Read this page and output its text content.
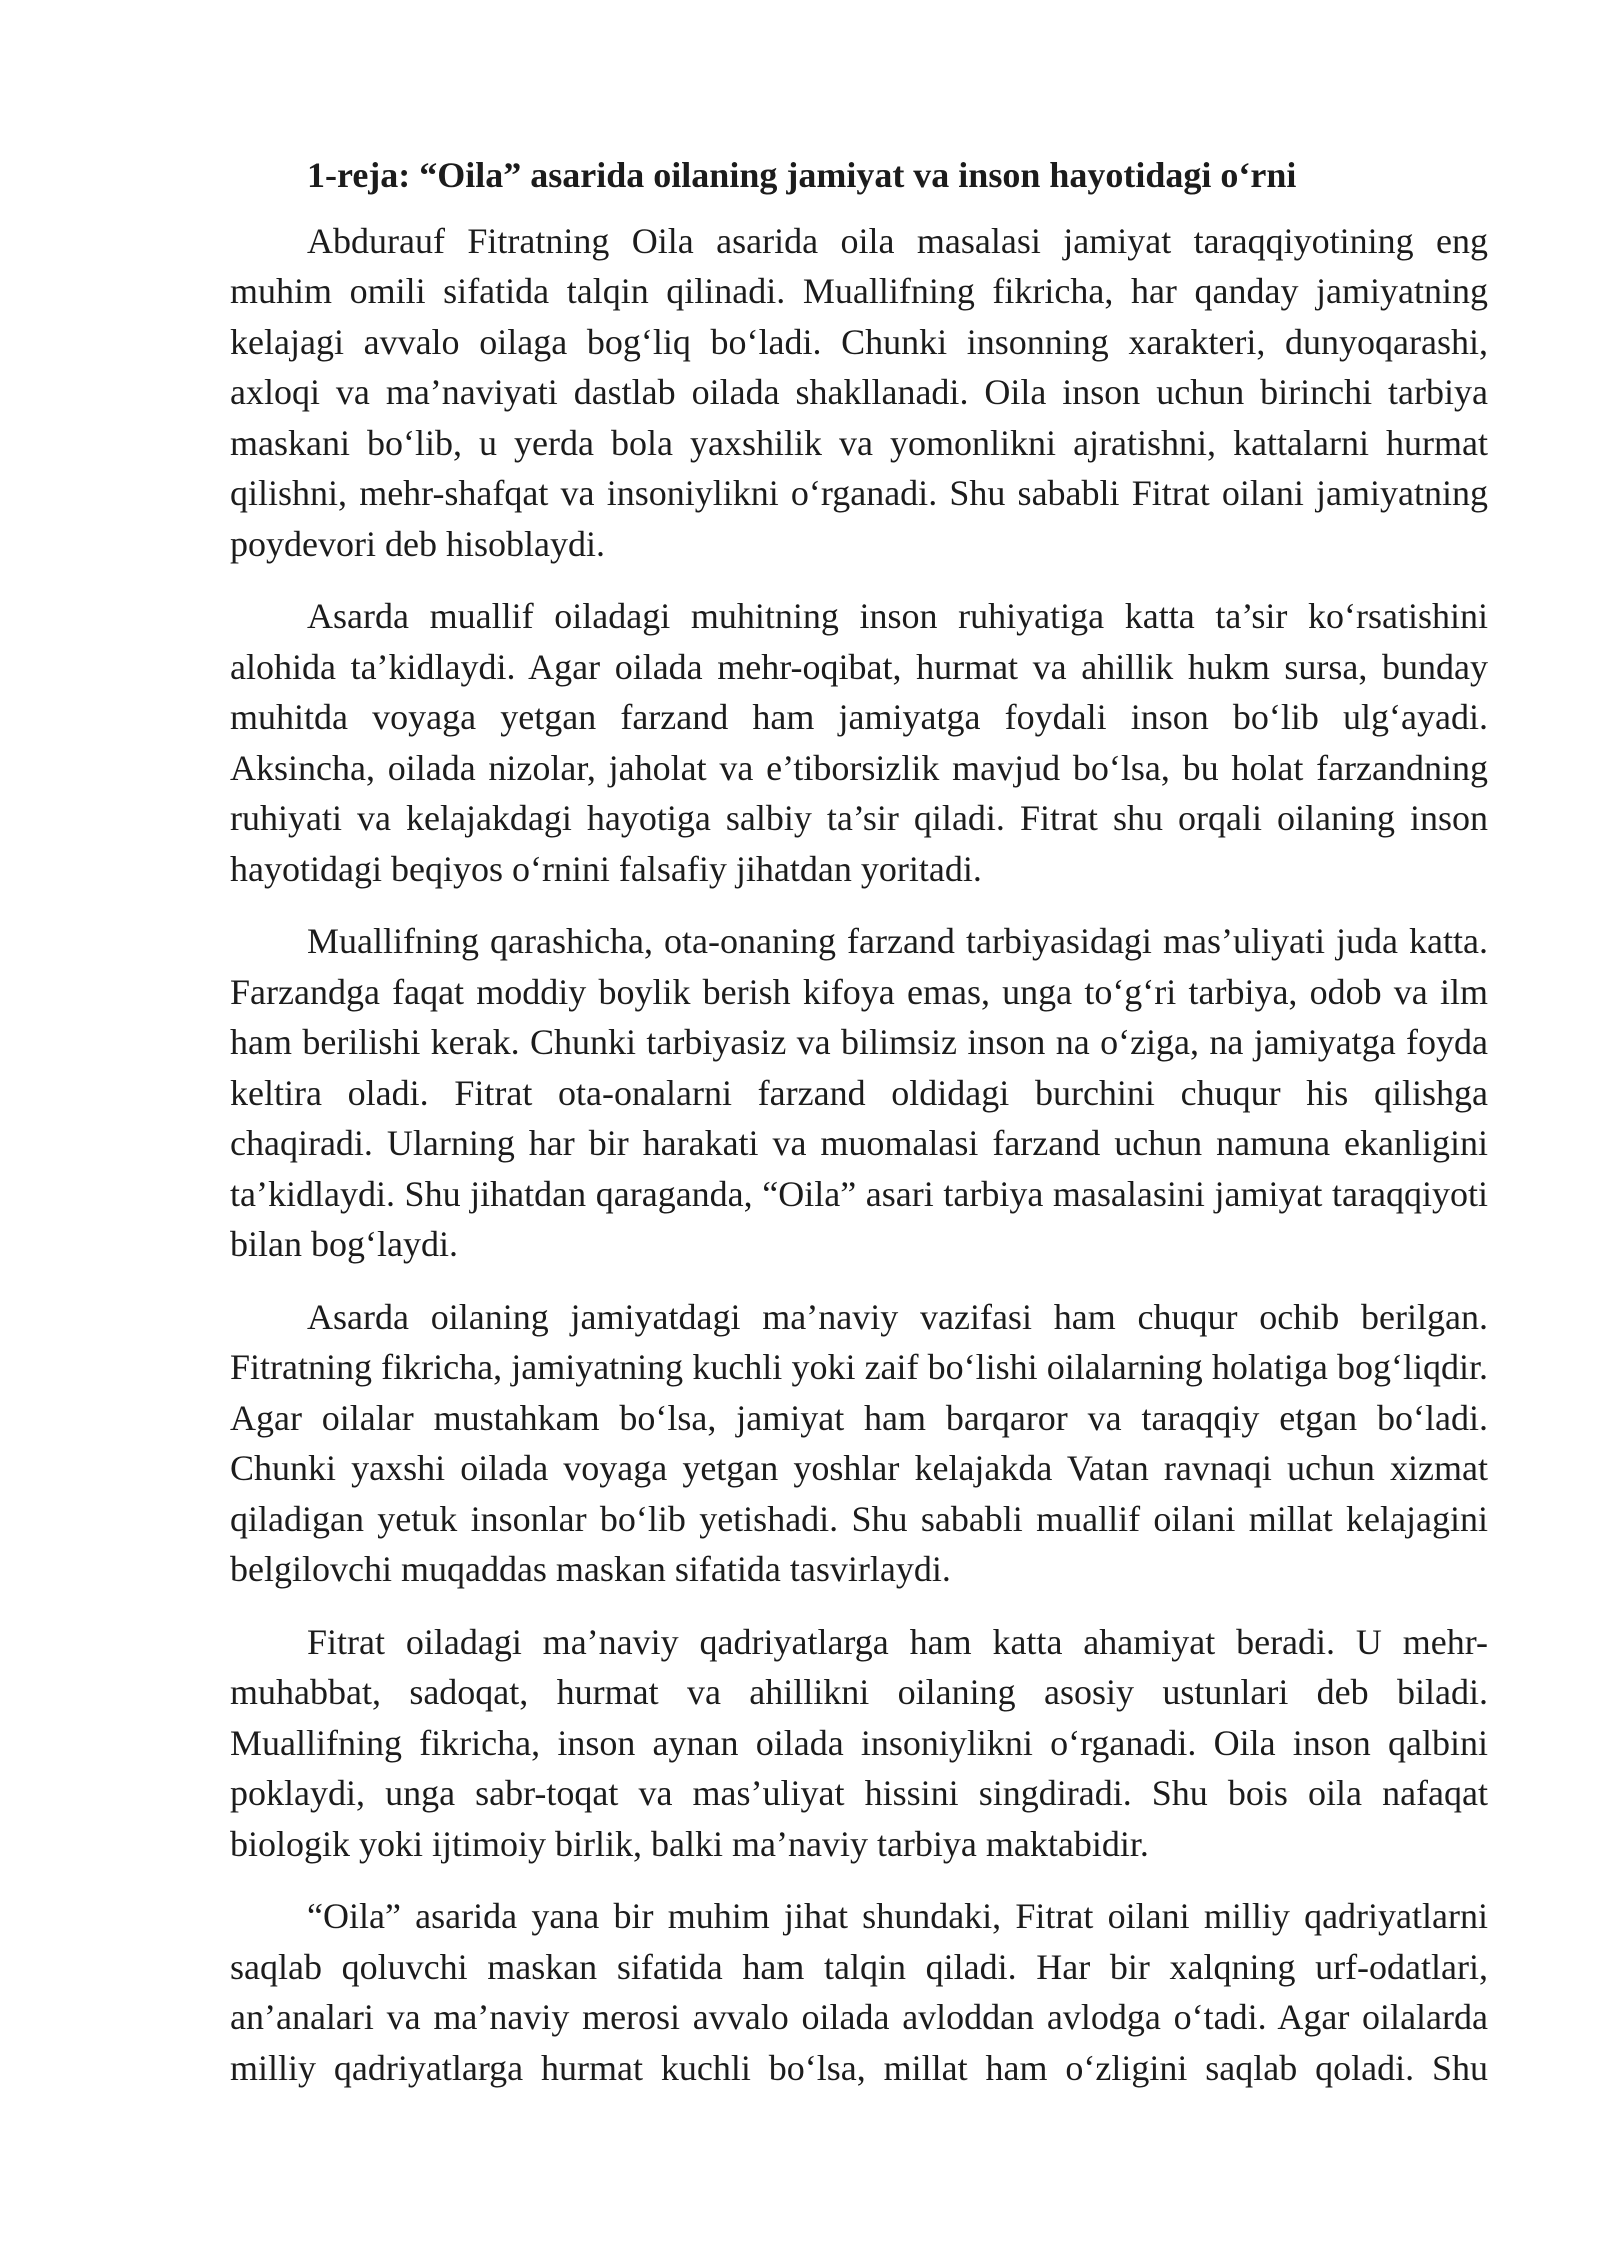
1-reja: “Oila” asarida oilaning jamiyat va inson hayotidagi o‘rni

Abdurauf Fitratning Oila asarida oila masalasi jamiyat taraqqiyotining eng muhim omili sifatida talqin qilinadi. Muallifning fikricha, har qanday jamiyatning kelajagi avvalo oilaga bog‘liq bo‘ladi. Chunki insonning xarakteri, dunyoqarashi, axloqi va ma’naviyati dastlab oilada shakllanadi. Oila inson uchun birinchi tarbiya maskani bo‘lib, u yerda bola yaxshilik va yomonlikni ajratishni, kattalarni hurmat qilishni, mehr-shafqat va insoniylikni o‘rganadi. Shu sababli Fitrat oilani jamiyatning poydevori deb hisoblaydi.

Asarda muallif oiladagi muhitning inson ruhiyatiga katta ta’sir ko‘rsatishini alohida ta’kidlaydi. Agar oilada mehr-oqibat, hurmat va ahillik hukm sursa, bunday muhitda voyaga yetgan farzand ham jamiyatga foydali inson bo‘lib ulg‘ayadi. Aksincha, oilada nizolar, jaholat va e’tiborsizlik mavjud bo‘lsa, bu holat farzandning ruhiyati va kelajakdagi hayotiga salbiy ta’sir qiladi. Fitrat shu orqali oilaning inson hayotidagi beqiyos o‘rnini falsafiy jihatdan yoritadi.

Muallifning qarashicha, ota-onaning farzand tarbiyasidagi mas’uliyati juda katta. Farzandga faqat moddiy boylik berish kifoya emas, unga to‘g‘ri tarbiya, odob va ilm ham berilishi kerak. Chunki tarbiyasiz va bilimsiz inson na o‘ziga, na jamiyatga foyda keltira oladi. Fitrat ota-onalarni farzand oldidagi burchini chuqur his qilishga chaqiradi. Ularning har bir harakati va muomalasi farzand uchun namuna ekanligini ta’kidlaydi. Shu jihatdan qaraganda, “Oila” asari tarbiya masalasini jamiyat taraqqiyoti bilan bog‘laydi.

Asarda oilaning jamiyatdagi ma’naviy vazifasi ham chuqur ochib berilgan. Fitratning fikricha, jamiyatning kuchli yoki zaif bo‘lishi oilalarning holatiga bog‘liqdir. Agar oilalar mustahkam bo‘lsa, jamiyat ham barqaror va taraqqiy etgan bo‘ladi. Chunki yaxshi oilada voyaga yetgan yoshlar kelajakda Vatan ravnaqi uchun xizmat qiladigan yetuk insonlar bo‘lib yetishadi. Shu sababli muallif oilani millat kelajagini belgilovchi muqaddas maskan sifatida tasvirlaydi.

Fitrat oiladagi ma’naviy qadriyatlarga ham katta ahamiyat beradi. U mehr-muhabbat, sadoqat, hurmat va ahillikni oilaning asosiy ustunlari deb biladi. Muallifning fikricha, inson aynan oilada insoniylikni o‘rganadi. Oila inson qalbini poklaydi, unga sabr-toqat va mas’uliyat hissini singdiradi. Shu bois oila nafaqat biologik yoki ijtimoiy birlik, balki ma’naviy tarbiya maktabidir.

“Oila” asarida yana bir muhim jihat shundaki, Fitrat oilani milliy qadriyatlarni saqlab qoluvchi maskan sifatida ham talqin qiladi. Har bir xalqning urf-odatlari, an’analari va ma’naviy merosi avvalo oilada avloddan avlodga o‘tadi. Agar oilalarda milliy qadriyatlarga hurmat kuchli bo‘lsa, millat ham o‘zligini saqlab qoladi. Shu
